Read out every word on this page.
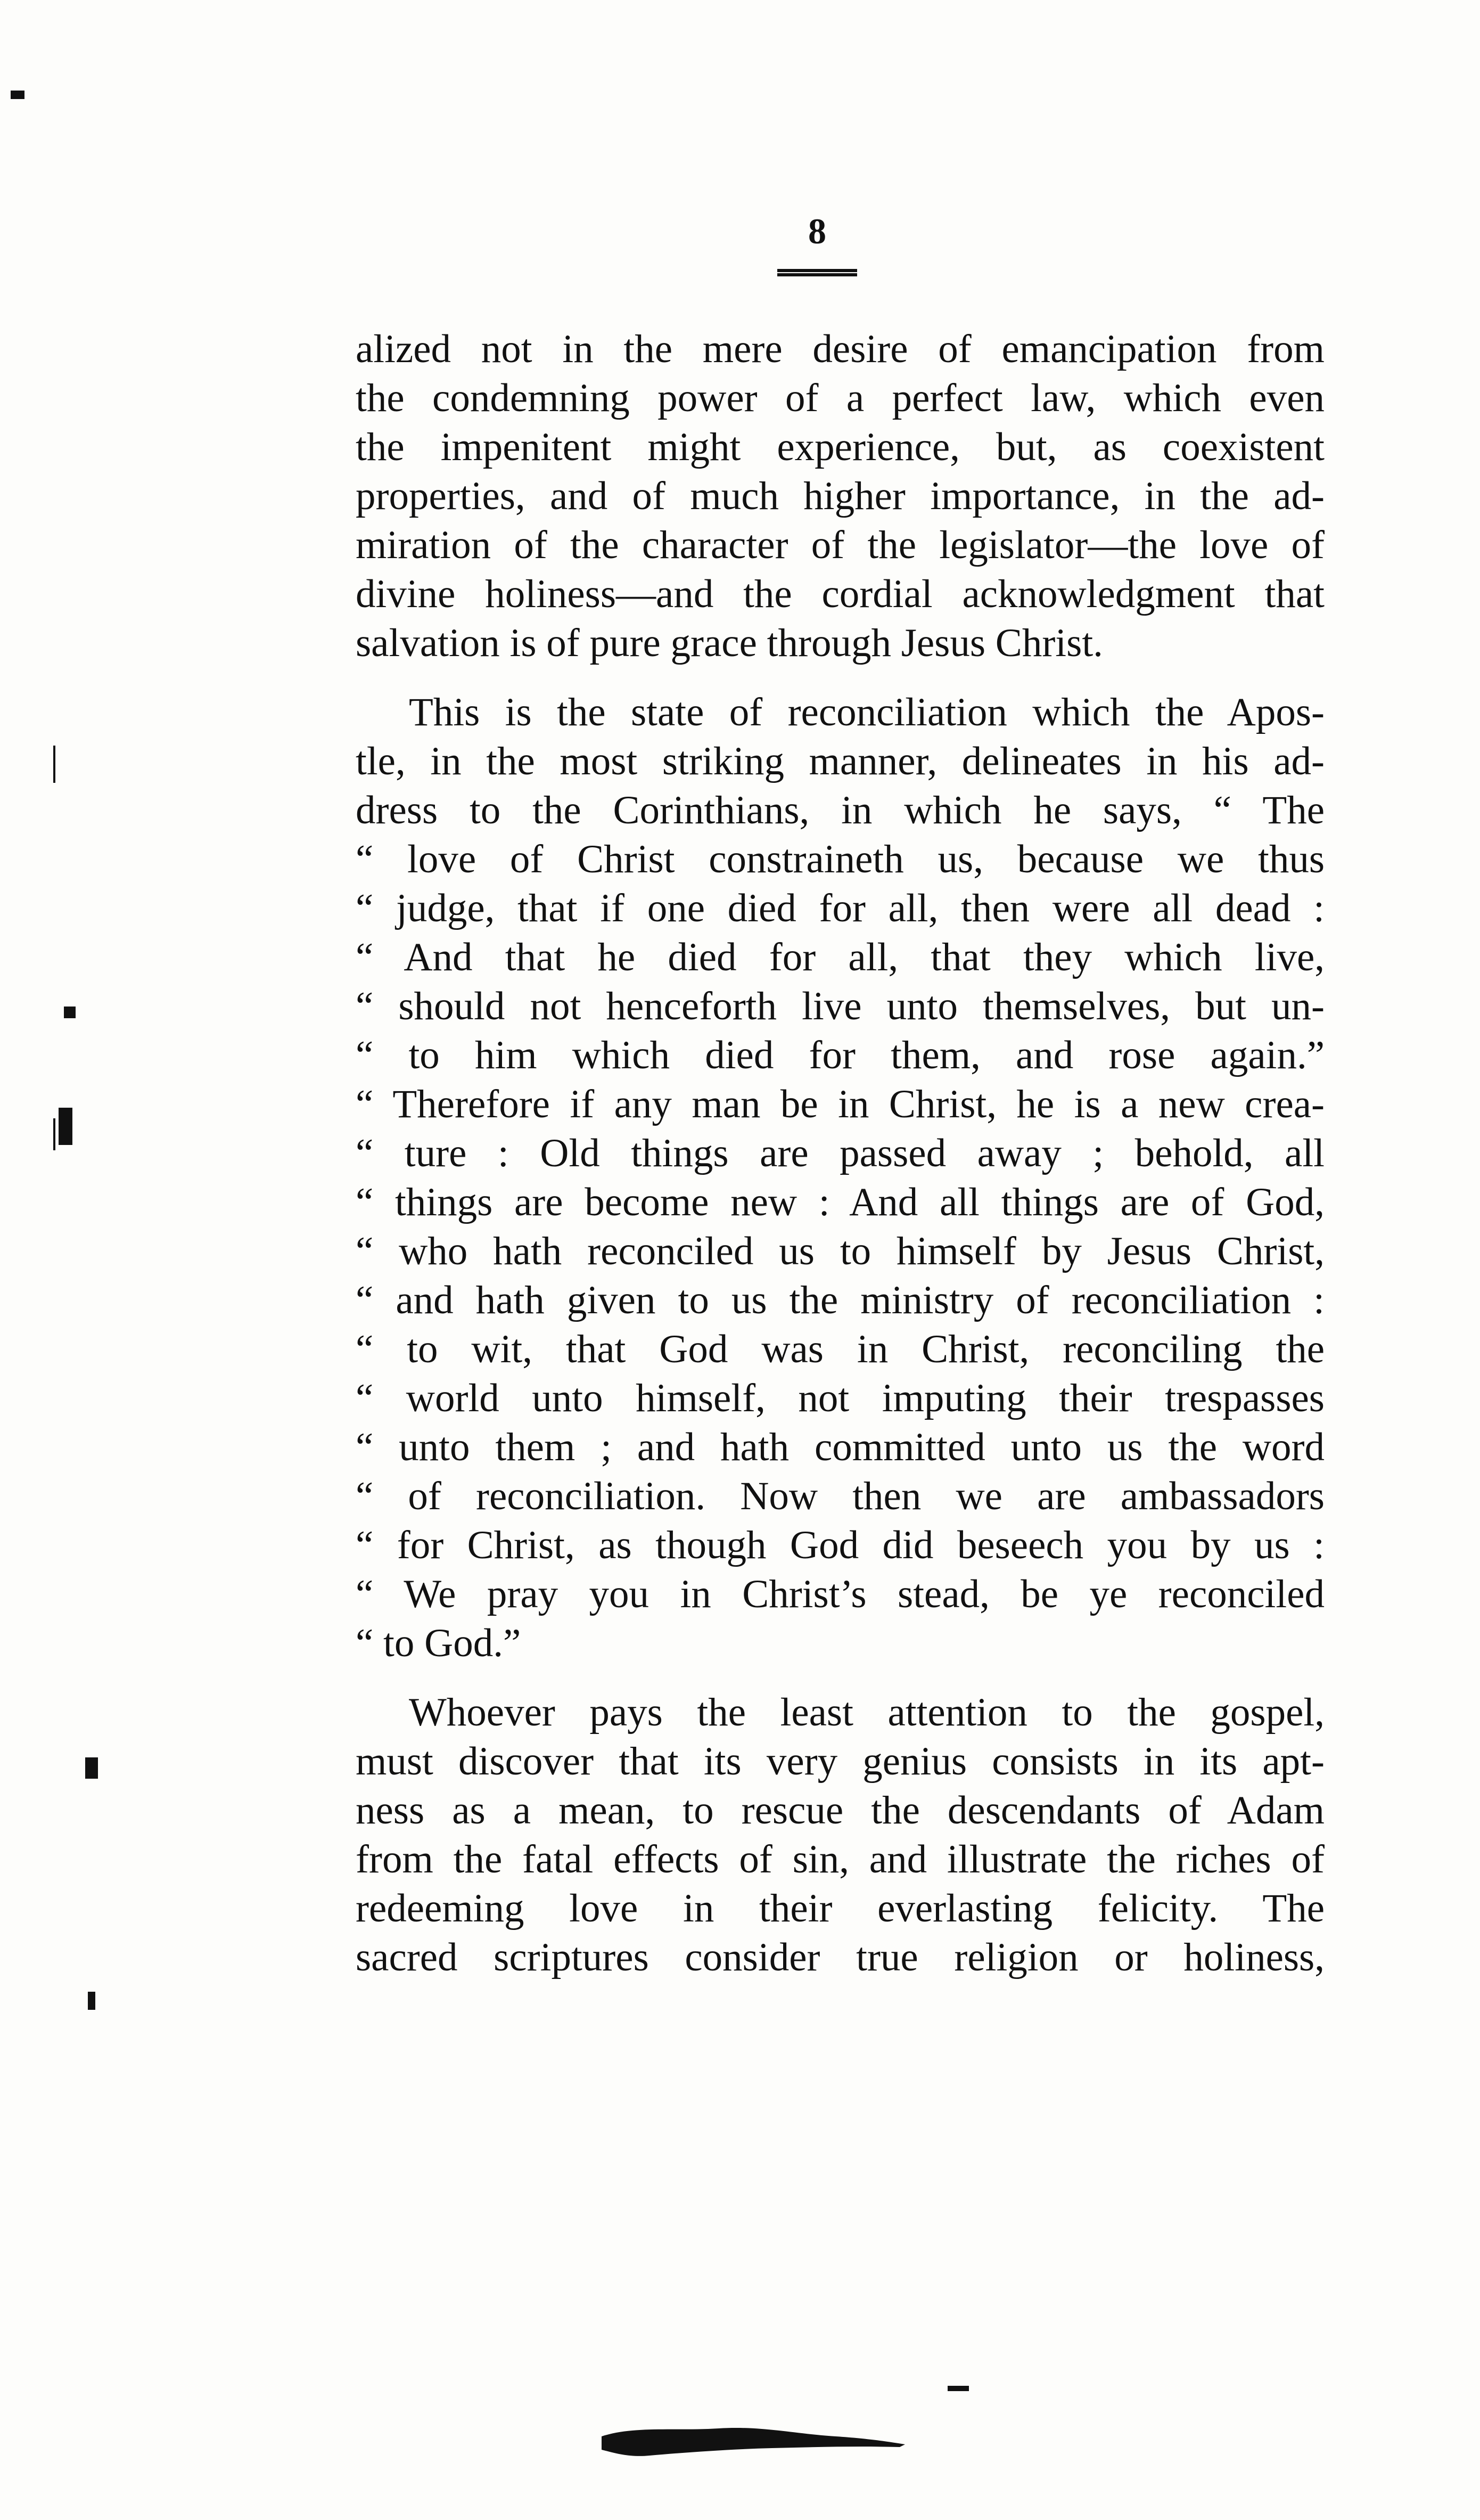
8
alized not in the mere desire of emancipation from
the condemning power of a perfect law, which even
the impenitent might experience, but, as coexistent
properties, and of much higher importance, in the ad-
miration of the character of the legislator—the love of
divine holiness—and the cordial acknowledgment that
salvation is of pure grace through Jesus Christ.
This is the state of reconciliation which the Apos-
tle, in the most striking manner, delineates in his ad-
dress to the Corinthians, in which he says, “ The
“ love of Christ constraineth us, because we thus
“ judge, that if one died for all, then were all dead :
“ And that he died for all, that they which live,
“ should not henceforth live unto themselves, but un-
“ to him which died for them, and rose again.”
“ Therefore if any man be in Christ, he is a new crea-
“ ture : Old things are passed away ; behold, all
“ things are become new : And all things are of God,
“ who hath reconciled us to himself by Jesus Christ,
“ and hath given to us the ministry of reconciliation :
“ to wit, that God was in Christ, reconciling the
“ world unto himself, not imputing their trespasses
“ unto them ; and hath committed unto us the word
“ of reconciliation. Now then we are ambassadors
“ for Christ, as though God did beseech you by us :
“ We pray you in Christ’s stead, be ye reconciled
“ to God.”
Whoever pays the least attention to the gospel,
must discover that its very genius consists in its apt-
ness as a mean, to rescue the descendants of Adam
from the fatal effects of sin, and illustrate the riches of
redeeming love in their everlasting felicity. The
sacred scriptures consider true religion or holiness,
